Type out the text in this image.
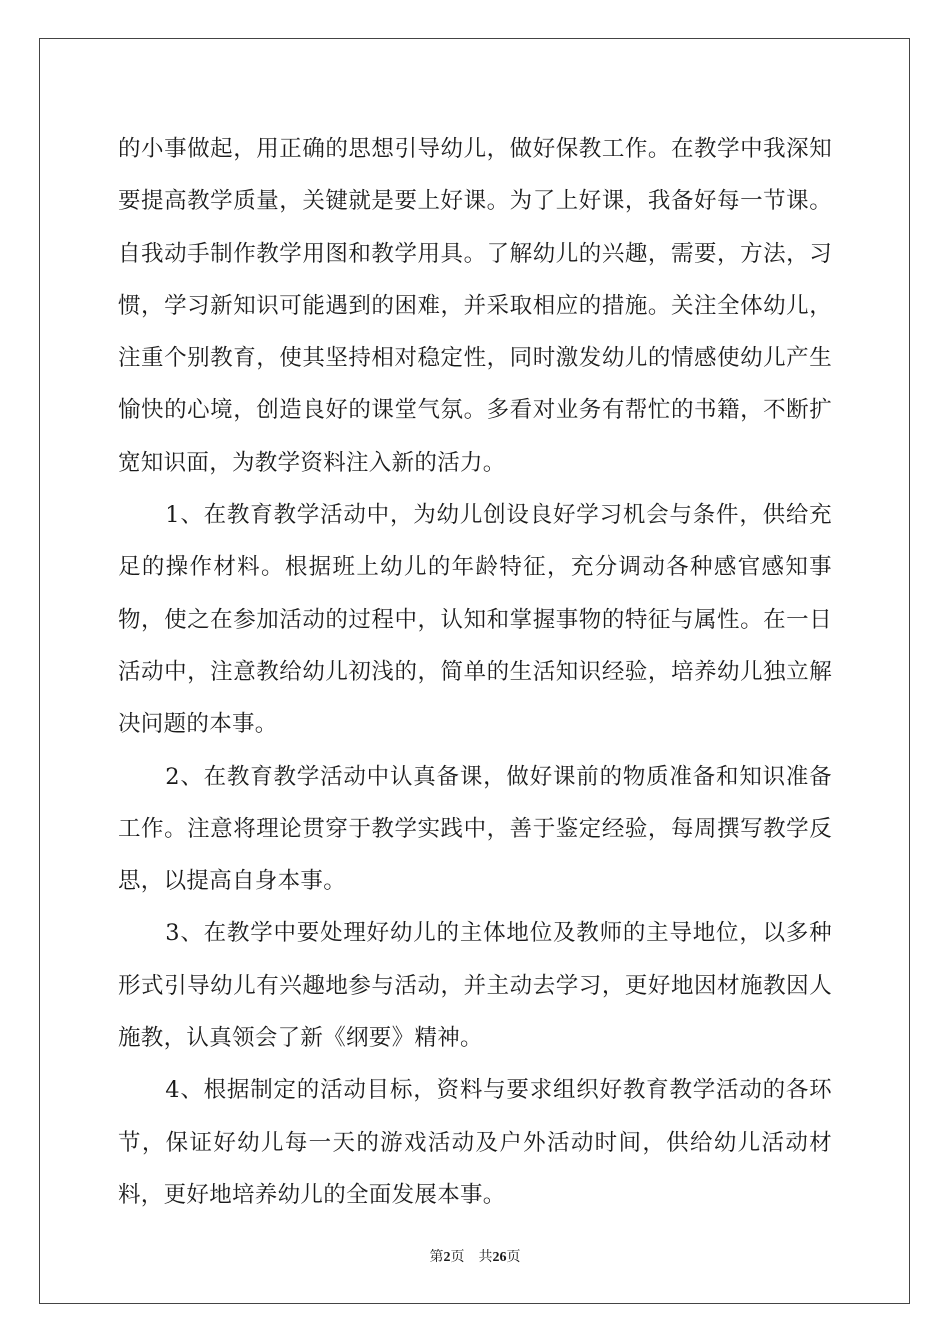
的小事做起，用正确的思想引导幼儿，做好保教工作。在教学中我深知要提高教学质量，关键就是要上好课。为了上好课，我备好每一节课。自我动手制作教学用图和教学用具。了解幼儿的兴趣，需要，方法，习惯，学习新知识可能遇到的困难，并采取相应的措施。关注全体幼儿，注重个别教育，使其坚持相对稳定性，同时激发幼儿的情感使幼儿产生愉快的心境，创造良好的课堂气氛。多看对业务有帮忙的书籍，不断扩宽知识面，为教学资料注入新的活力。

1、在教育教学活动中，为幼儿创设良好学习机会与条件，供给充足的操作材料。根据班上幼儿的年龄特征，充分调动各种感官感知事物，使之在参加活动的过程中，认知和掌握事物的特征与属性。在一日活动中，注意教给幼儿初浅的，简单的生活知识经验，培养幼儿独立解决问题的本事。

2、在教育教学活动中认真备课，做好课前的物质准备和知识准备工作。注意将理论贯穿于教学实践中，善于鉴定经验，每周撰写教学反思，以提高自身本事。

3、在教学中要处理好幼儿的主体地位及教师的主导地位，以多种形式引导幼儿有兴趣地参与活动，并主动去学习，更好地因材施教因人施教，认真领会了新《纲要》精神。

4、根据制定的活动目标，资料与要求组织好教育教学活动的各环节，保证好幼儿每一天的游戏活动及户外活动时间，供给幼儿活动材料，更好地培养幼儿的全面发展本事。

第2页 共26页
